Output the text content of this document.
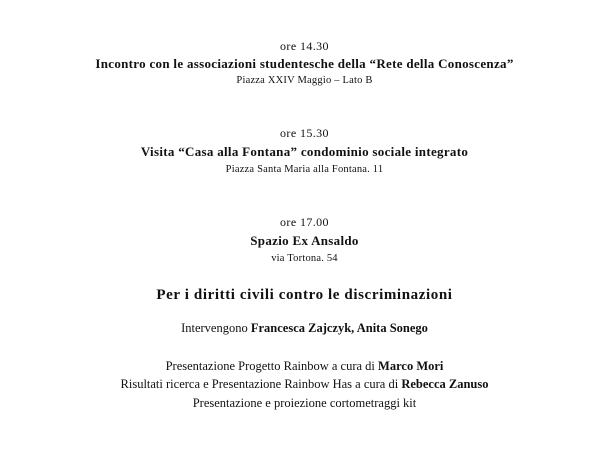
ore 14.30
Incontro con le associazioni studentesche della “Rete della Conoscenza”
Piazza XXIV Maggio – Lato B
ore 15.30
Visita “Casa alla Fontana” condominio sociale integrato
Piazza Santa Maria alla Fontana. 11
ore 17.00
Spazio Ex Ansaldo
via Tortona. 54
Per i diritti civili contro le discriminazioni
Intervengono Francesca Zajczyk, Anita Sonego
Presentazione Progetto Rainbow a cura di Marco Mori
Risultati ricerca e Presentazione Rainbow Has a cura di Rebecca Zanuso
Presentazione e proiezione cortometraggi kit
